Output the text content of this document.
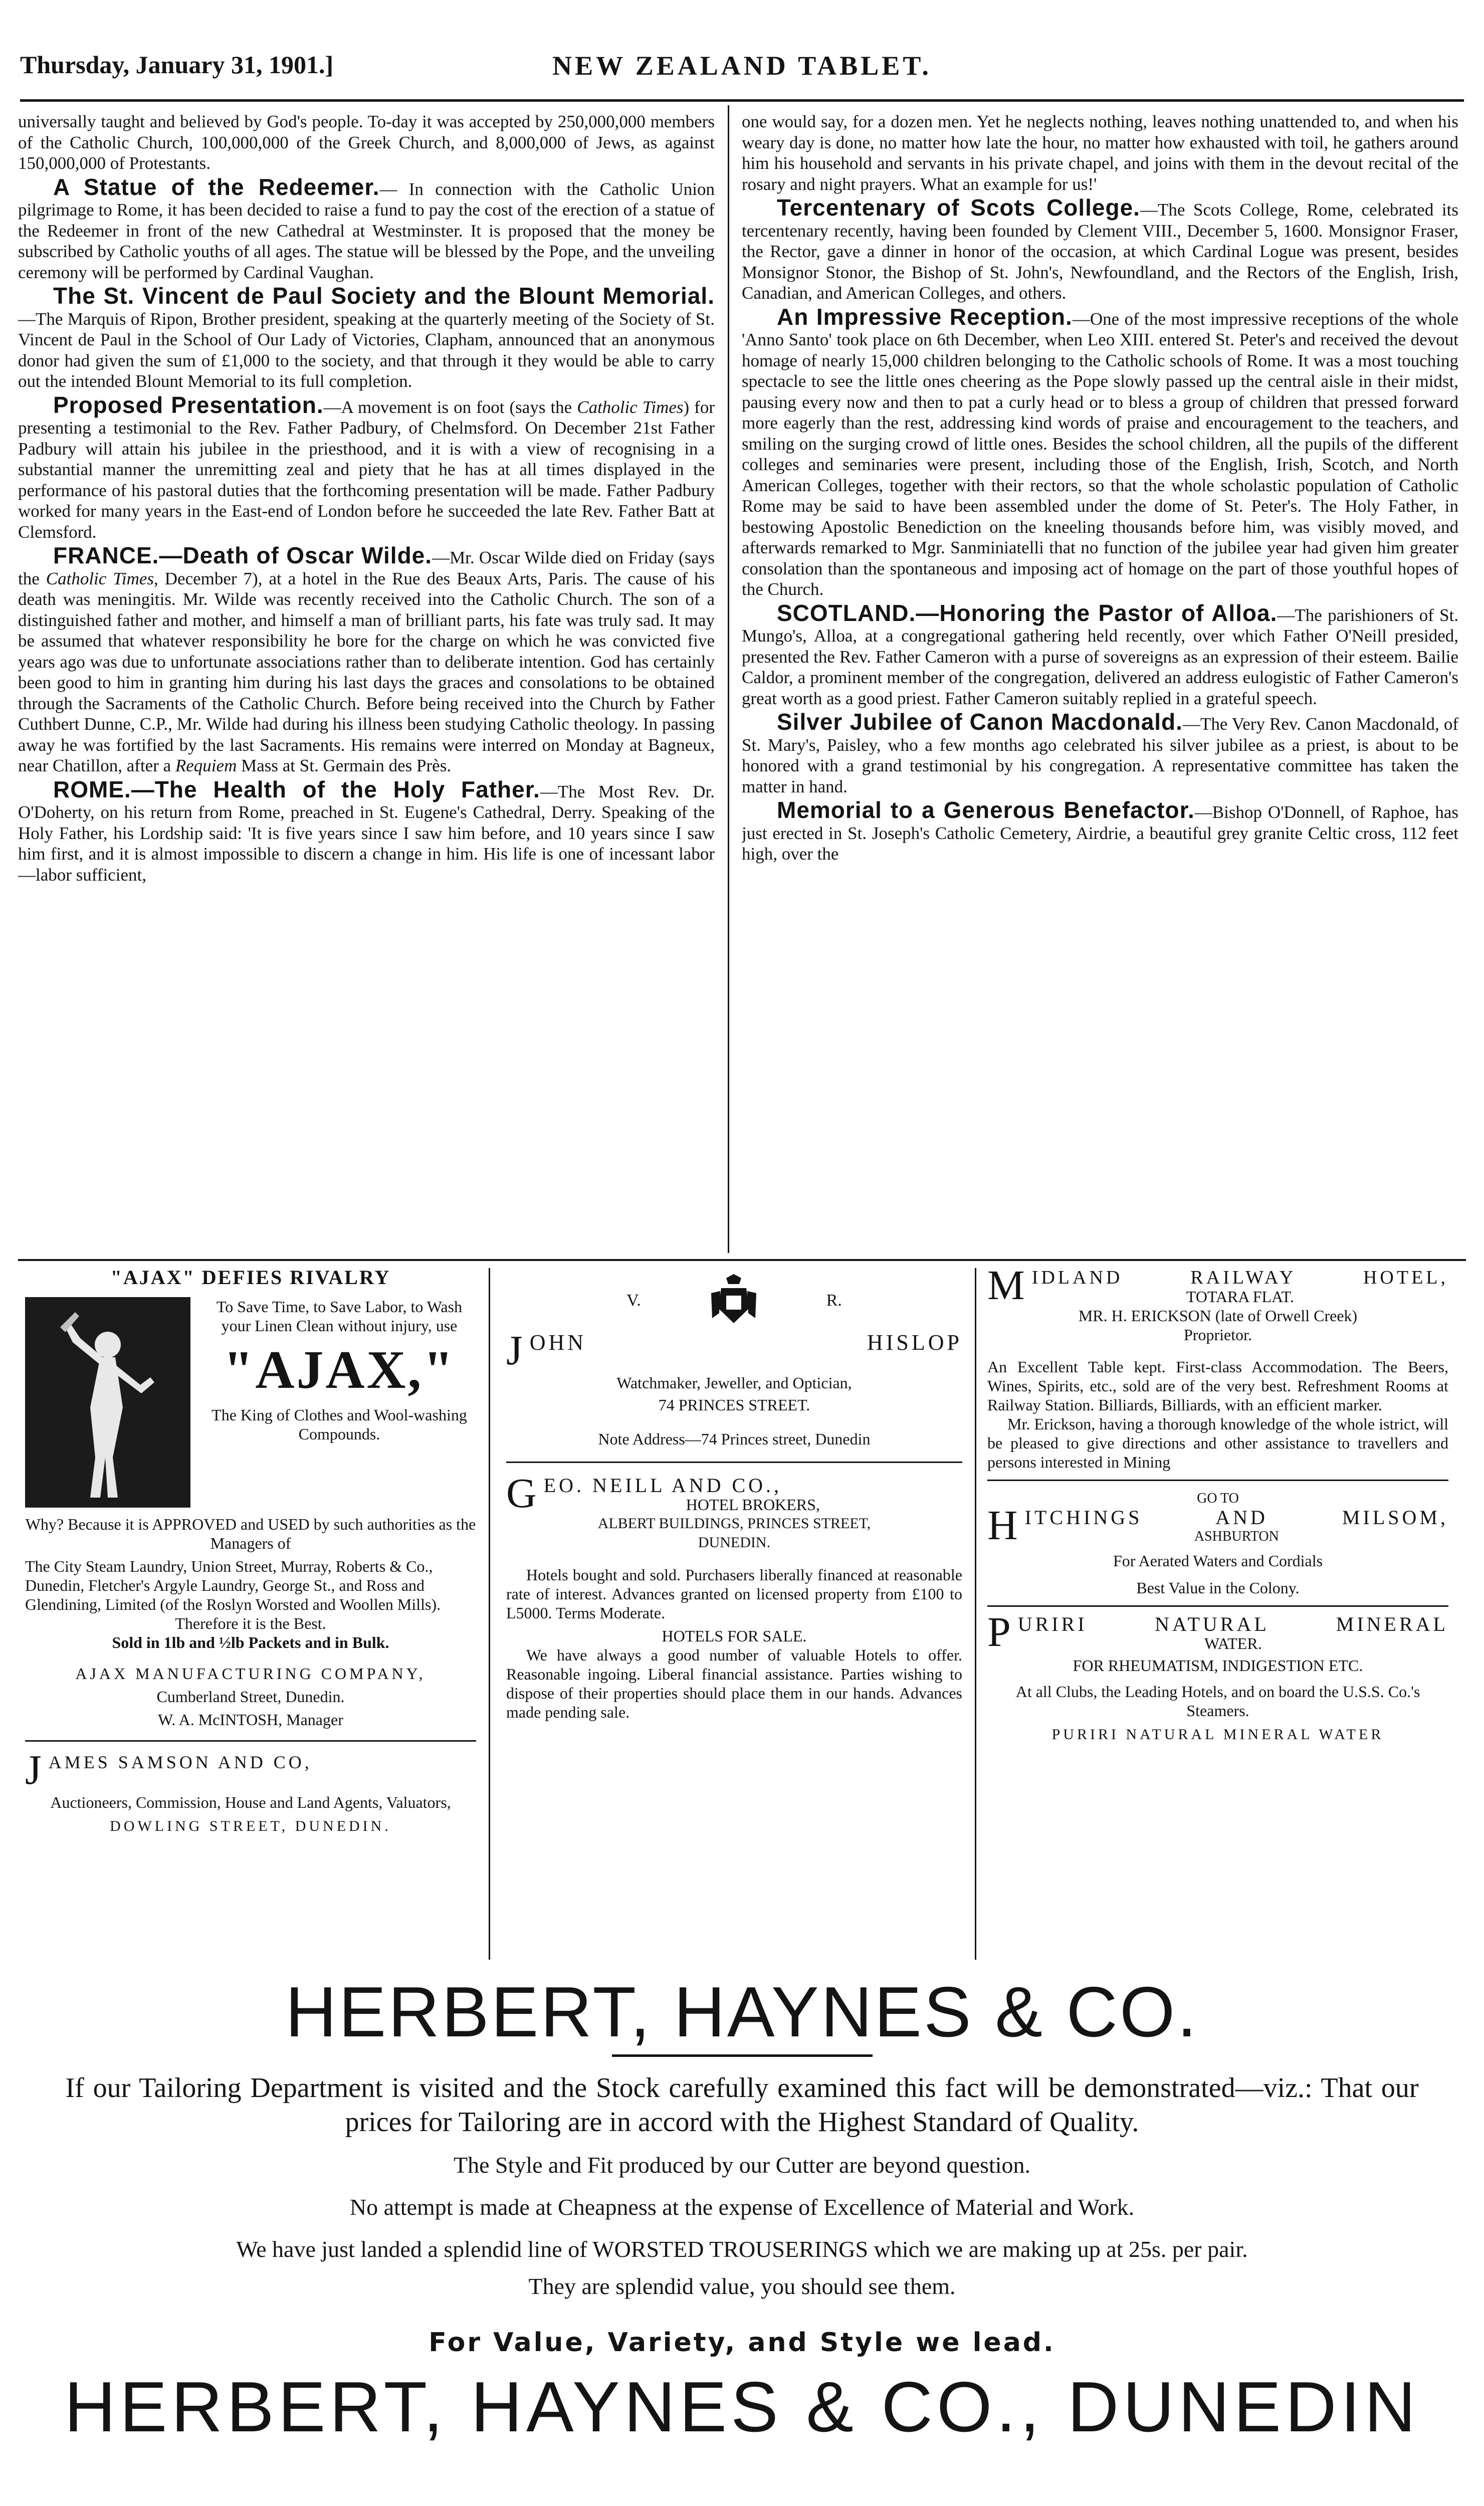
Thursday, January 31, 1901.]	NEW ZEALAND TABLET.

universally taught and believed by God's people. To-day it was accepted by 250,000,000 members of the Catholic Church, 100,000,000 of the Greek Church, and 8,000,000 of Jews, as against 150,000,000 of Protestants.

A Statue of the Redeemer.— In connection with the Catholic Union pilgrimage to Rome, it has been decided to raise a fund to pay the cost of the erection of a statue of the Redeemer in front of the new Cathedral at Westminster. It is proposed that the money be subscribed by Catholic youths of all ages. The statue will be blessed by the Pope, and the unveiling ceremony will be performed by Cardinal Vaughan.

The St. Vincent de Paul Society and the Blount Memorial.—The Marquis of Ripon, Brother president, speaking at the quarterly meeting of the Society of St. Vincent de Paul in the School of Our Lady of Victories, Clapham, announced that an anonymous donor had given the sum of £1,000 to the society, and that through it they would be able to carry out the intended Blount Memorial to its full completion.

Proposed Presentation.—A movement is on foot (says the Catholic Times) for presenting a testimonial to the Rev. Father Padbury, of Chelmsford. On December 21st Father Padbury will attain his jubilee in the priesthood, and it is with a view of recognising in a substantial manner the unremitting zeal and piety that he has at all times displayed in the performance of his pastoral duties that the forthcoming presentation will be made. Father Padbury worked for many years in the East-end of London before he succeeded the late Rev. Father Batt at Clemsford.

FRANCE.—Death of Oscar Wilde.—Mr. Oscar Wilde died on Friday (says the Catholic Times, December 7), at a hotel in the Rue des Beaux Arts, Paris. The cause of his death was meningitis. Mr. Wilde was recently received into the Catholic Church. The son of a distinguished father and mother, and himself a man of brilliant parts, his fate was truly sad. It may be assumed that whatever responsibility he bore for the charge on which he was convicted five years ago was due to unfortunate associations rather than to deliberate intention. God has certainly been good to him in granting him during his last days the graces and consolations to be obtained through the Sacraments of the Catholic Church. Before being received into the Church by Father Cuthbert Dunne, C.P., Mr. Wilde had during his illness been studying Catholic theology. In passing away he was fortified by the last Sacraments. His remains were interred on Monday at Bagneux, near Chatillon, after a Requiem Mass at St. Germain des Près.

ROME.—The Health of the Holy Father.—The Most Rev. Dr. O'Doherty, on his return from Rome, preached in St. Eugene's Cathedral, Derry. Speaking of the Holy Father, his Lordship said: 'It is five years since I saw him before, and 10 years since I saw him first, and it is almost impossible to discern a change in him. His life is one of incessant labor—labor sufficient,

one would say, for a dozen men. Yet he neglects nothing, leaves nothing unattended to, and when his weary day is done, no matter how late the hour, no matter how exhausted with toil, he gathers around him his household and servants in his private chapel, and joins with them in the devout recital of the rosary and night prayers. What an example for us!'

Tercentenary of Scots College.—The Scots College, Rome, celebrated its tercentenary recently, having been founded by Clement VIII., December 5, 1600. Monsignor Fraser, the Rector, gave a dinner in honor of the occasion, at which Cardinal Logue was present, besides Monsignor Stonor, the Bishop of St. John's, Newfoundland, and the Rectors of the English, Irish, Canadian, and American Colleges, and others.

An Impressive Reception.—One of the most impressive receptions of the whole 'Anno Santo' took place on 6th December, when Leo XIII. entered St. Peter's and received the devout homage of nearly 15,000 children belonging to the Catholic schools of Rome. It was a most touching spectacle to see the little ones cheering as the Pope slowly passed up the central aisle in their midst, pausing every now and then to pat a curly head or to bless a group of children that pressed forward more eagerly than the rest, addressing kind words of praise and encouragement to the teachers, and smiling on the surging crowd of little ones. Besides the school children, all the pupils of the different colleges and seminaries were present, including those of the English, Irish, Scotch, and North American Colleges, together with their rectors, so that the whole scholastic population of Catholic Rome may be said to have been assembled under the dome of St. Peter's. The Holy Father, in bestowing Apostolic Benediction on the kneeling thousands before him, was visibly moved, and afterwards remarked to Mgr. Sanminiatelli that no function of the jubilee year had given him greater consolation than the spontaneous and imposing act of homage on the part of those youthful hopes of the Church.

SCOTLAND.—Honoring the Pastor of Alloa.—The parishioners of St. Mungo's, Alloa, at a congregational gathering held recently, over which Father O'Neill presided, presented the Rev. Father Cameron with a purse of sovereigns as an expression of their esteem. Bailie Caldor, a prominent member of the congregation, delivered an address eulogistic of Father Cameron's great worth as a good priest. Father Cameron suitably replied in a grateful speech.

Silver Jubilee of Canon Macdonald.—The Very Rev. Canon Macdonald, of St. Mary's, Paisley, who a few months ago celebrated his silver jubilee as a priest, is about to be honored with a grand testimonial by his congregation. A representative committee has taken the matter in hand.

Memorial to a Generous Benefactor.—Bishop O'Donnell, of Raphoe, has just erected in St. Joseph's Catholic Cemetery, Airdrie, a beautiful grey granite Celtic cross, 112 feet high, over the

"AJAX" DEFIES RIVALRY
To Save Time, to Save Labor, to Wash your Linen Clean without injury, use
"AJAX,"
The King of Clothes and Wool-washing Compounds.
Why? Because it is APPROVED and USED by such authorities as the Managers of
The City Steam Laundry, Union Street, Murray, Roberts & Co., Dunedin, Fletcher's Argyle Laundry, George St., and Ross and Glendining, Limited (of the Roslyn Worsted and Woollen Mills).
Therefore it is the Best.
Sold in 1lb and ½lb Packets and in Bulk.
AJAX MANUFACTURING COMPANY,
Cumberland Street, Dunedin.
W. A. McINTOSH, Manager
JAMES SAMSON AND CO,
Auctioneers, Commission, House and Land Agents, Valuators,
DOWLING STREET, DUNEDIN.
V.	R.
JOHN HISLOP
Watchmaker, Jeweller, and Optician,
74 PRINCES STREET.
Note Address—74 Princes street, Dunedin
GEO. NEILL AND CO.,
HOTEL BROKERS,
ALBERT BUILDINGS, PRINCES STREET,
DUNEDIN.
Hotels bought and sold. Purchasers liberally financed at reasonable rate of interest. Advances granted on licensed property from £100 to L5000. Terms Moderate.
HOTELS FOR SALE.
We have always a good number of valuable Hotels to offer. Reasonable ingoing. Liberal financial assistance. Parties wishing to dispose of their properties should place them in our hands. Advances made pending sale.
MIDLAND RAILWAY HOTEL,
TOTARA FLAT.
MR. H. ERICKSON (late of Orwell Creek)
Proprietor.
An Excellent Table kept. First-class Accommodation. The Beers, Wines, Spirits, etc., sold are of the very best. Refreshment Rooms at Railway Station. Billiards, Billiards, with an efficient marker.
Mr. Erickson, having a thorough knowledge of the whole istrict, will be pleased to give directions and other assistance to travellers and persons interested in Mining
GO TO
HITCHINGS AND MILSOM,
ASHBURTON
For Aerated Waters and Cordials
Best Value in the Colony.
PURIRI NATURAL MINERAL
WATER.
FOR RHEUMATISM, INDIGESTION ETC.
At all Clubs, the Leading Hotels, and on board the U.S.S. Co.'s Steamers.
PURIRI NATURAL MINERAL WATER
HERBERT, HAYNES & CO.

If our Tailoring Department is visited and the Stock carefully examined this fact will be demonstrated—viz.: That our prices for Tailoring are in accord with the Highest Standard of Quality.

The Style and Fit produced by our Cutter are beyond question.

No attempt is made at Cheapness at the expense of Excellence of Material and Work.

We have just landed a splendid line of WORSTED TROUSERINGS which we are making up at 25s. per pair.

They are splendid value, you should see them.

For Value, Variety, and Style we lead.

HERBERT, HAYNES & CO., DUNEDIN
